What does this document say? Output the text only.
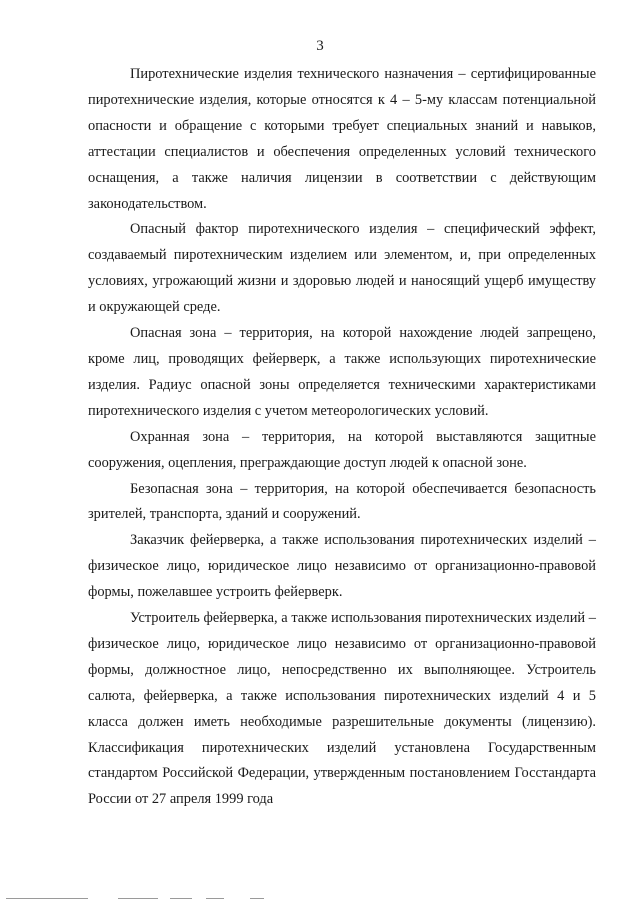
3

Пиротехнические изделия технического назначения – сертифицированные пиротехнические изделия, которые относятся к 4 – 5-му классам потенциальной опасности и обращение с которыми требует специальных знаний и навыков, аттестации специалистов и обеспечения определенных условий технического оснащения, а также наличия лицензии в соответствии с действующим законодательством.

Опасный фактор пиротехнического изделия – специфический эффект, создаваемый пиротехническим изделием или элементом, и, при определенных условиях, угрожающий жизни и здоровью людей и наносящий ущерб имуществу и окружающей среде.

Опасная зона – территория, на которой нахождение людей запрещено, кроме лиц, проводящих фейерверк, а также использующих пиротехнические изделия. Радиус опасной зоны определяется техническими характеристиками пиротехнического изделия с учетом метеорологических условий.

Охранная зона – территория, на которой выставляются защитные сооружения, оцепления, преграждающие доступ людей к опасной зоне.

Безопасная зона – территория, на которой обеспечивается безопасность зрителей, транспорта, зданий и сооружений.

Заказчик фейерверка, а также использования пиротехнических изделий – физическое лицо, юридическое лицо независимо от организационно-правовой формы, пожелавшее устроить фейерверк.

Устроитель фейерверка, а также использования пиротехнических изделий – физическое лицо, юридическое лицо независимо от организационно-правовой формы, должностное лицо, непосредственно их выполняющее. Устроитель салюта, фейерверка, а также использования пиротехнических изделий 4 и 5 класса должен иметь необходимые разрешительные документы (лицензию). Классификация пиротехнических изделий установлена Государственным стандартом Российской Федерации, утвержденным постановлением Госстандарта России от 27 апреля 1999 года
